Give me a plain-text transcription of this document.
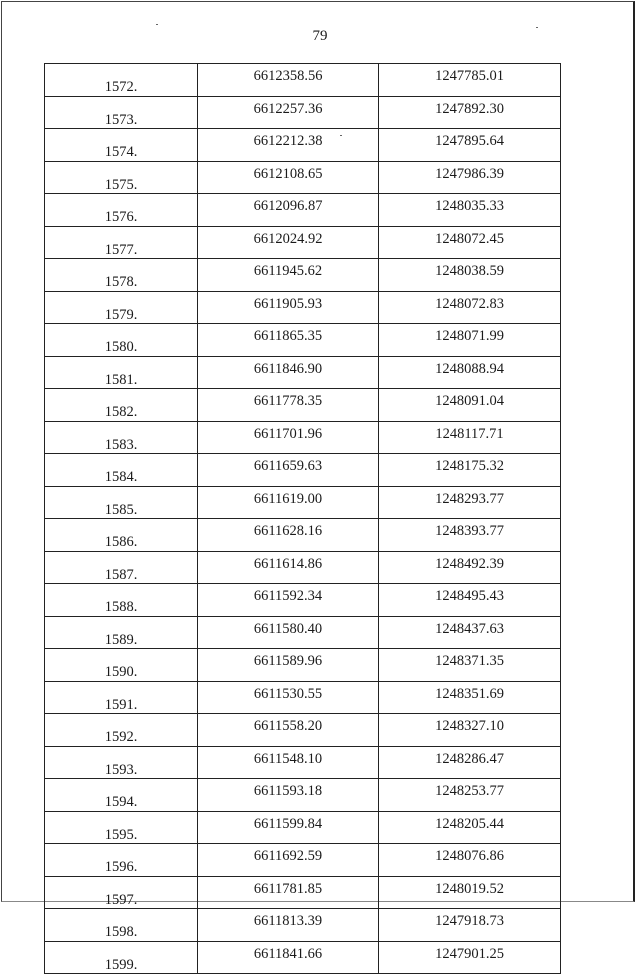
79
1572.	6612358.56	1247785.01
1573.	6612257.36	1247892.30
1574.	6612212.38	1247895.64
1575.	6612108.65	1247986.39
1576.	6612096.87	1248035.33
1577.	6612024.92	1248072.45
1578.	6611945.62	1248038.59
1579.	6611905.93	1248072.83
1580.	6611865.35	1248071.99
1581.	6611846.90	1248088.94
1582.	6611778.35	1248091.04
1583.	6611701.96	1248117.71
1584.	6611659.63	1248175.32
1585.	6611619.00	1248293.77
1586.	6611628.16	1248393.77
1587.	6611614.86	1248492.39
1588.	6611592.34	1248495.43
1589.	6611580.40	1248437.63
1590.	6611589.96	1248371.35
1591.	6611530.55	1248351.69
1592.	6611558.20	1248327.10
1593.	6611548.10	1248286.47
1594.	6611593.18	1248253.77
1595.	6611599.84	1248205.44
1596.	6611692.59	1248076.86
1597.	6611781.85	1248019.52
1598.	6611813.39	1247918.73
1599.	6611841.66	1247901.25
